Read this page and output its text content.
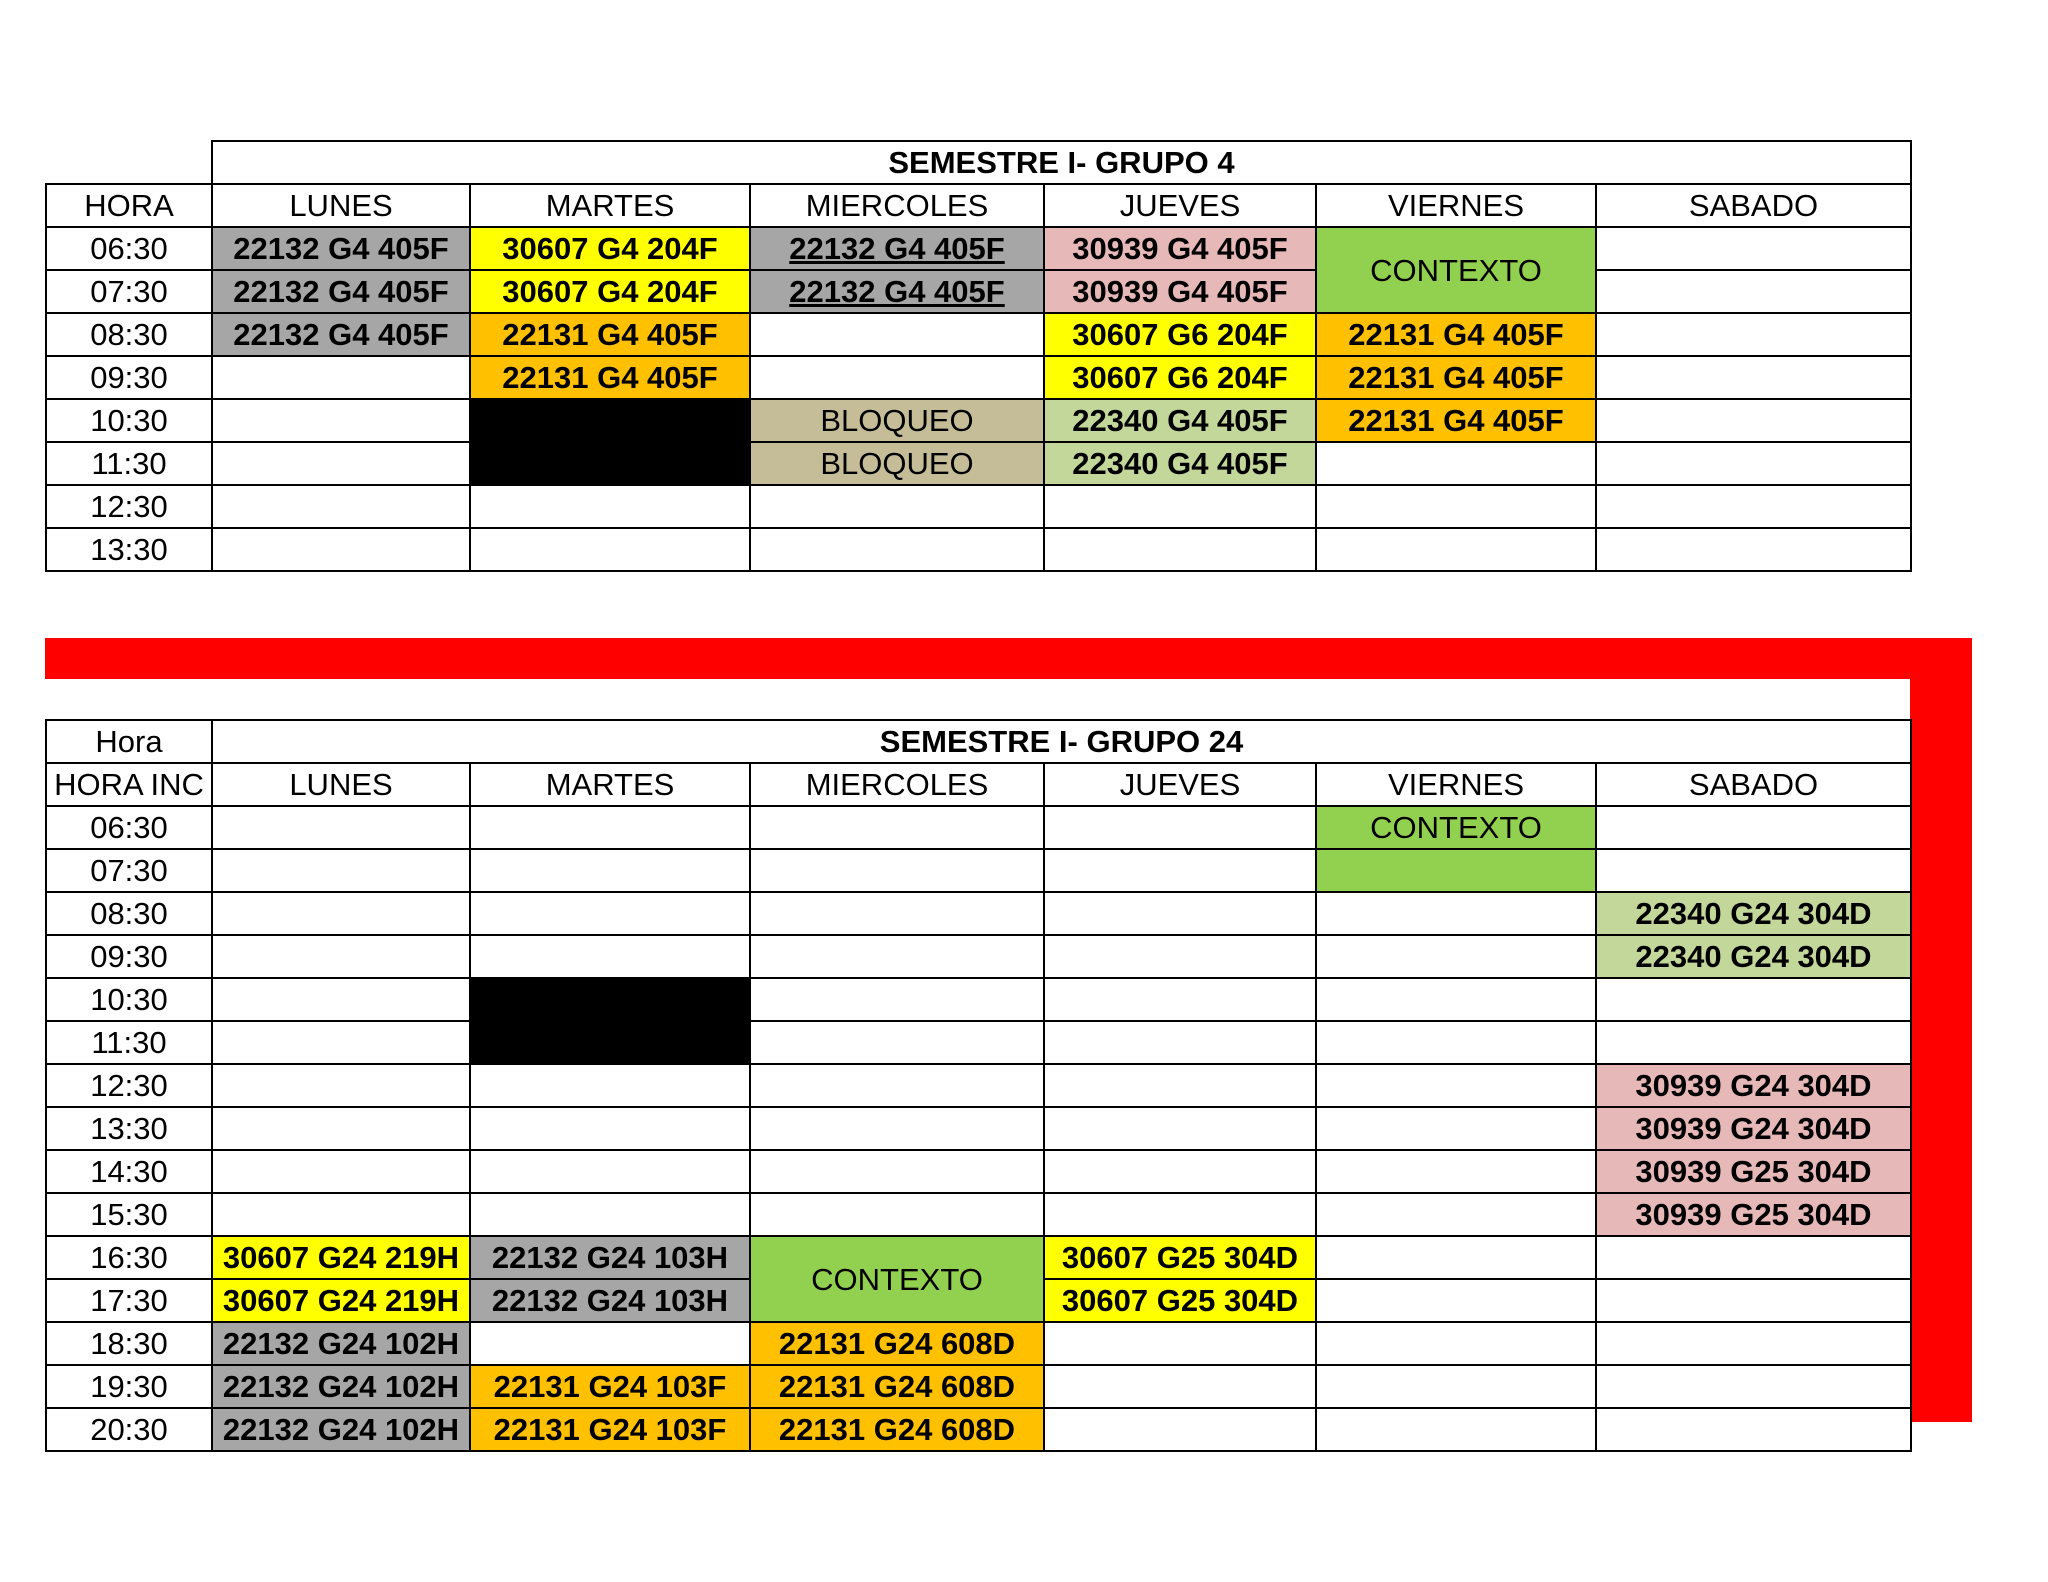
	SEMESTRE I- GRUPO 4					
HORA	LUNES	MARTES	MIERCOLES	JUEVES	VIERNES	SABADO
06:30	22132 G4 405F	30607 G4 204F	22132 G4 405F	30939 G4 405F	CONTEXTO	
07:30	22132 G4 405F	30607 G4 204F	22132 G4 405F	30939 G4 405F		
08:30	22132 G4 405F	22131 G4 405F		30607 G6 204F	22131 G4 405F	
09:30		22131 G4 405F		30607 G6 204F	22131 G4 405F	
10:30			BLOQUEO	22340 G4 405F	22131 G4 405F	
11:30			BLOQUEO	22340 G4 405F		
12:30						
13:30						
Hora	SEMESTRE I- GRUPO 24					
HORA INC	LUNES	MARTES	MIERCOLES	JUEVES	VIERNES	SABADO
06:30					CONTEXTO	
07:30						
08:30						22340 G24 304D
09:30						22340 G24 304D
10:30						
11:30						
12:30						30939 G24 304D
13:30						30939 G24 304D
14:30						30939 G25 304D
15:30						30939 G25 304D
16:30	30607 G24 219H	22132 G24 103H	CONTEXTO	30607 G25 304D		
17:30	30607 G24 219H	22132 G24 103H		30607 G25 304D		
18:30	22132 G24 102H		22131 G24 608D			
19:30	22132 G24 102H	22131 G24 103F	22131 G24 608D			
20:30	22132 G24 102H	22131 G24 103F	22131 G24 608D			
